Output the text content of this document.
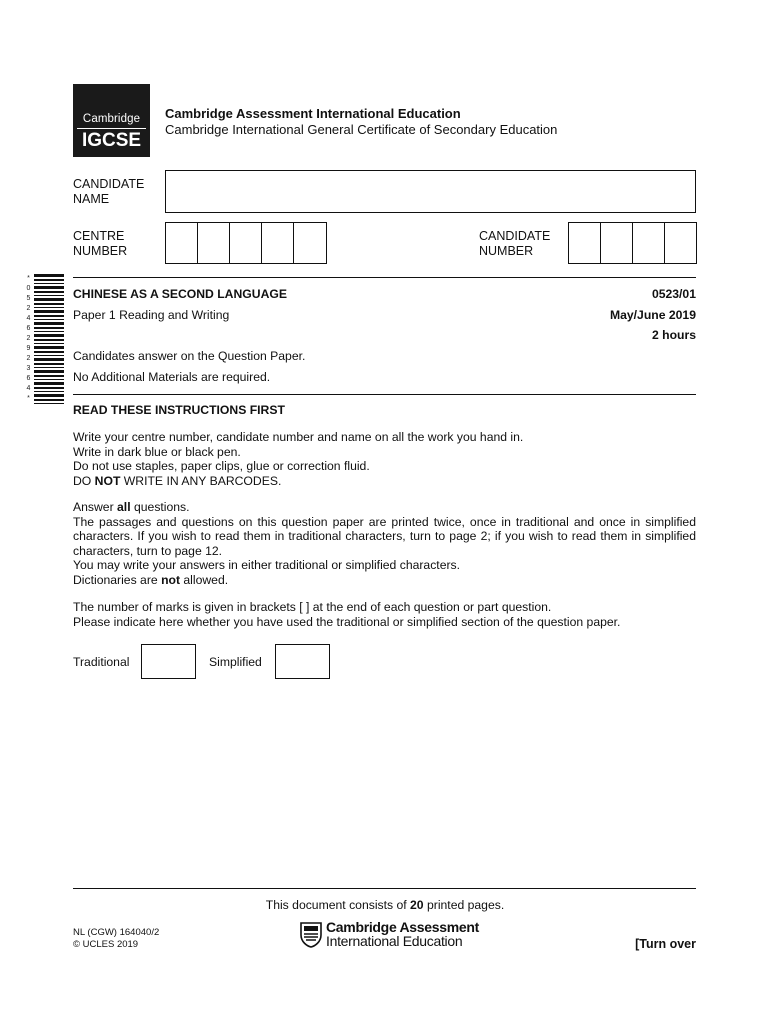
Cambridge
IGCSE
Cambridge Assessment International Education
Cambridge International General Certificate of Secondary Education
CANDIDATE
NAME
CENTRE
NUMBER
CANDIDATE
NUMBER
*
0
5
2
4
6
2
9
2
3
6
4
*
CHINESE AS A SECOND LANGUAGE	0523/01
Paper 1 Reading and Writing	May/June 2019
2 hours
Candidates answer on the Question Paper.
No Additional Materials are required.
READ THESE INSTRUCTIONS FIRST
Write your centre number, candidate number and name on all the work you hand in.
Write in dark blue or black pen.
Do not use staples, paper clips, glue or correction fluid.
DO NOT WRITE IN ANY BARCODES.
Answer all questions.
The passages and questions on this question paper are printed twice, once in traditional and once in simplified characters. If you wish to read them in traditional characters, turn to page 2; if you wish to read them in simplified characters, turn to page 12.
You may write your answers in either traditional or simplified characters.
Dictionaries are not allowed.
The number of marks is given in brackets [ ] at the end of each question or part question.
Please indicate here whether you have used the traditional or simplified section of the question paper.
Traditional	Simplified
This document consists of 20 printed pages.
NL (CGW) 164040/2
© UCLES 2019
Cambridge Assessment
International Education	[Turn over
